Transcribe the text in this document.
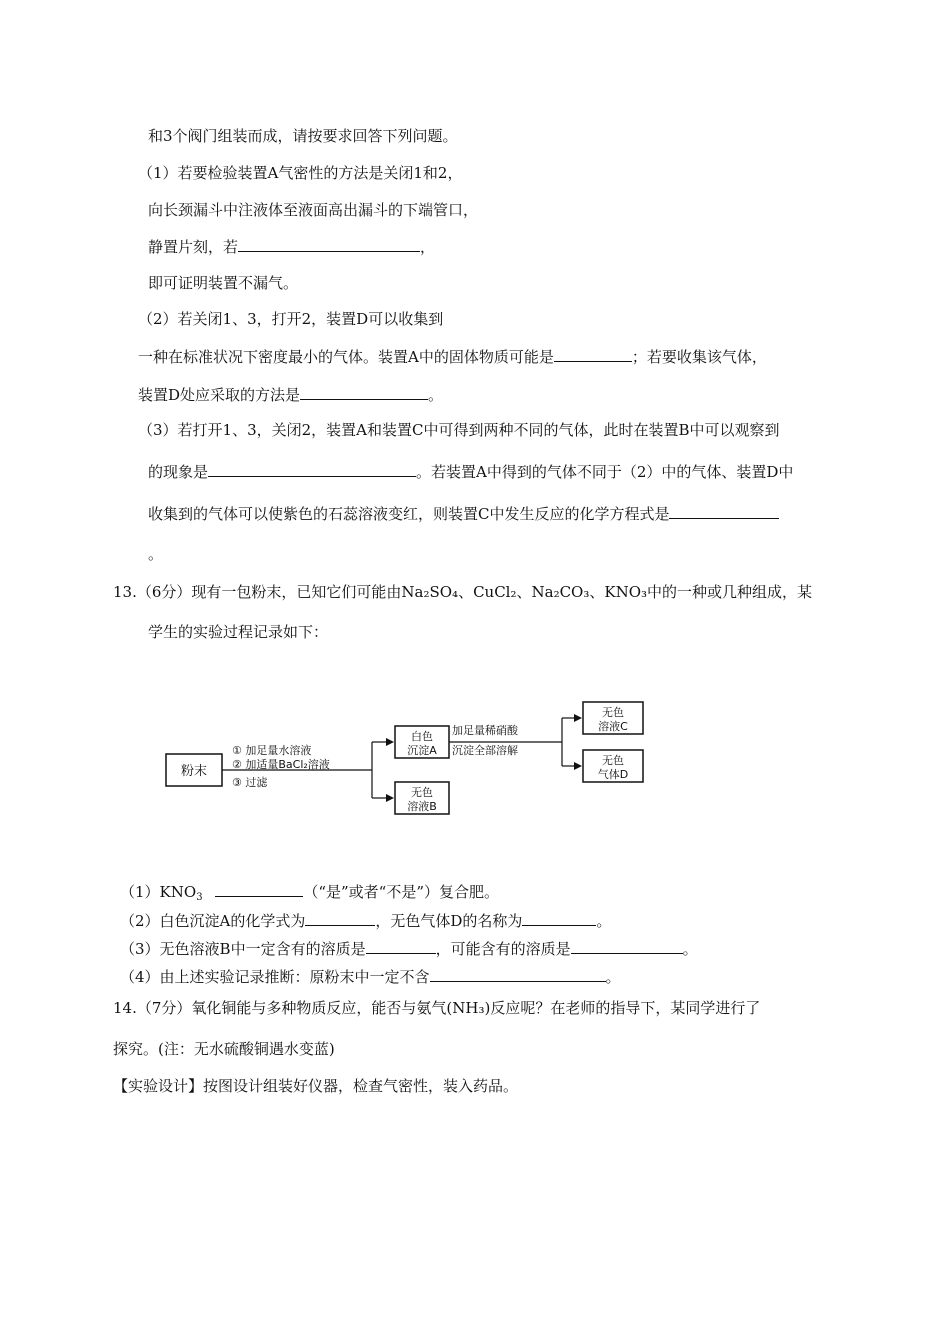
和3个阀门组装而成，请按要求回答下列问题。
（1）若要检验装置A气密性的方法是关闭1和2，
向长颈漏斗中注液体至液面高出漏斗的下端管口，
静置片刻，若	，
即可证明装置不漏气。
（2）若关闭1、3，打开2，装置D可以收集到
一种在标准状况下密度最小的气体。装置A中的固体物质可能是	；若要收集该气体，
装置D处应采取的方法是	。
（3）若打开1、3，关闭2，装置A和装置C中可得到两种不同的气体，此时在装置B中可以观察到
的现象是	。若装置A中得到的气体不同于（2）中的气体、装置D中
收集到的气体可以使紫色的石蕊溶液变红，则装置C中发生反应的化学方程式是
。
13.（6分）现有一包粉末，已知它们可能由Na₂SO₄、CuCl₂、Na₂CO₃、KNO₃中的一种或几种组成，某
学生的实验过程记录如下：
粉末
① 加足量水溶液
② 加适量BaCl₂溶液
③ 过滤
白色
沉淀A
无色
溶液B
加足量稀硝酸
沉淀全部溶解
无色
溶液C
无色
气体D
$(1)KNO_3$	（“是”或者“不是”）复合肥。
（2）白色沉淀A的化学式为	，无色气体D的名称为	。
（3）无色溶液B中一定含有的溶质是	，可能含有的溶质是	。
（4）由上述实验记录推断：原粉末中一定不含	。
14.（7分）氧化铜能与多种物质反应，能否与氨气(NH₃)反应呢？在老师的指导下，某同学进行了
探究。(注：无水硫酸铜遇水变蓝)
【实验设计】按图设计组装好仪器，检查气密性，装入药品。
